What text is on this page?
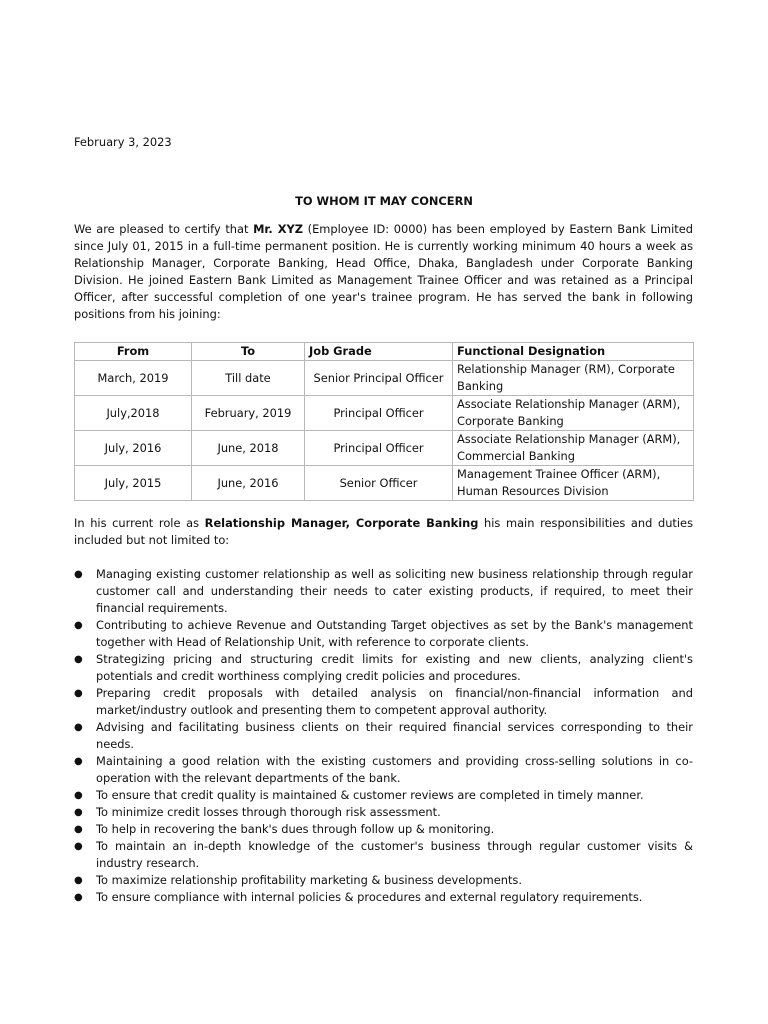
February 3, 2023
TO WHOM IT MAY CONCERN

We are pleased to certify that Mr. XYZ (Employee ID: 0000) has been employed by Eastern Bank Limited since July 01, 2015 in a full-time permanent position. He is currently working minimum 40 hours a week as Relationship Manager, Corporate Banking, Head Office, Dhaka, Bangladesh under Corporate Banking Division. He joined Eastern Bank Limited as Management Trainee Officer and was retained as a Principal Officer, after successful completion of one year's trainee program. He has served the bank in following positions from his joining:

From	To	Job Grade	Functional Designation
March, 2019	Till date	Senior Principal Officer	Relationship Manager (RM), Corporate Banking
July,2018	February, 2019	Principal Officer	Associate Relationship Manager (ARM), Corporate Banking
July, 2016	June, 2018	Principal Officer	Associate Relationship Manager (ARM), Commercial Banking
July, 2015	June, 2016	Senior Officer	Management Trainee Officer (ARM), Human Resources Division

In his current role as Relationship Manager, Corporate Banking his main responsibilities and duties included but not limited to:

● Managing existing customer relationship as well as soliciting new business relationship through regular customer call and understanding their needs to cater existing products, if required, to meet their financial requirements.
● Contributing to achieve Revenue and Outstanding Target objectives as set by the Bank's management together with Head of Relationship Unit, with reference to corporate clients.
● Strategizing pricing and structuring credit limits for existing and new clients, analyzing client's potentials and credit worthiness complying credit policies and procedures.
● Preparing credit proposals with detailed analysis on financial/non-financial information and market/industry outlook and presenting them to competent approval authority.
● Advising and facilitating business clients on their required financial services corresponding to their needs.
● Maintaining a good relation with the existing customers and providing cross-selling solutions in co- operation with the relevant departments of the bank.
● To ensure that credit quality is maintained & customer reviews are completed in timely manner.
● To minimize credit losses through thorough risk assessment.
● To help in recovering the bank's dues through follow up & monitoring.
● To maintain an in-depth knowledge of the customer's business through regular customer visits & industry research.
● To maximize relationship profitability marketing & business developments.
● To ensure compliance with internal policies & procedures and external regulatory requirements.
